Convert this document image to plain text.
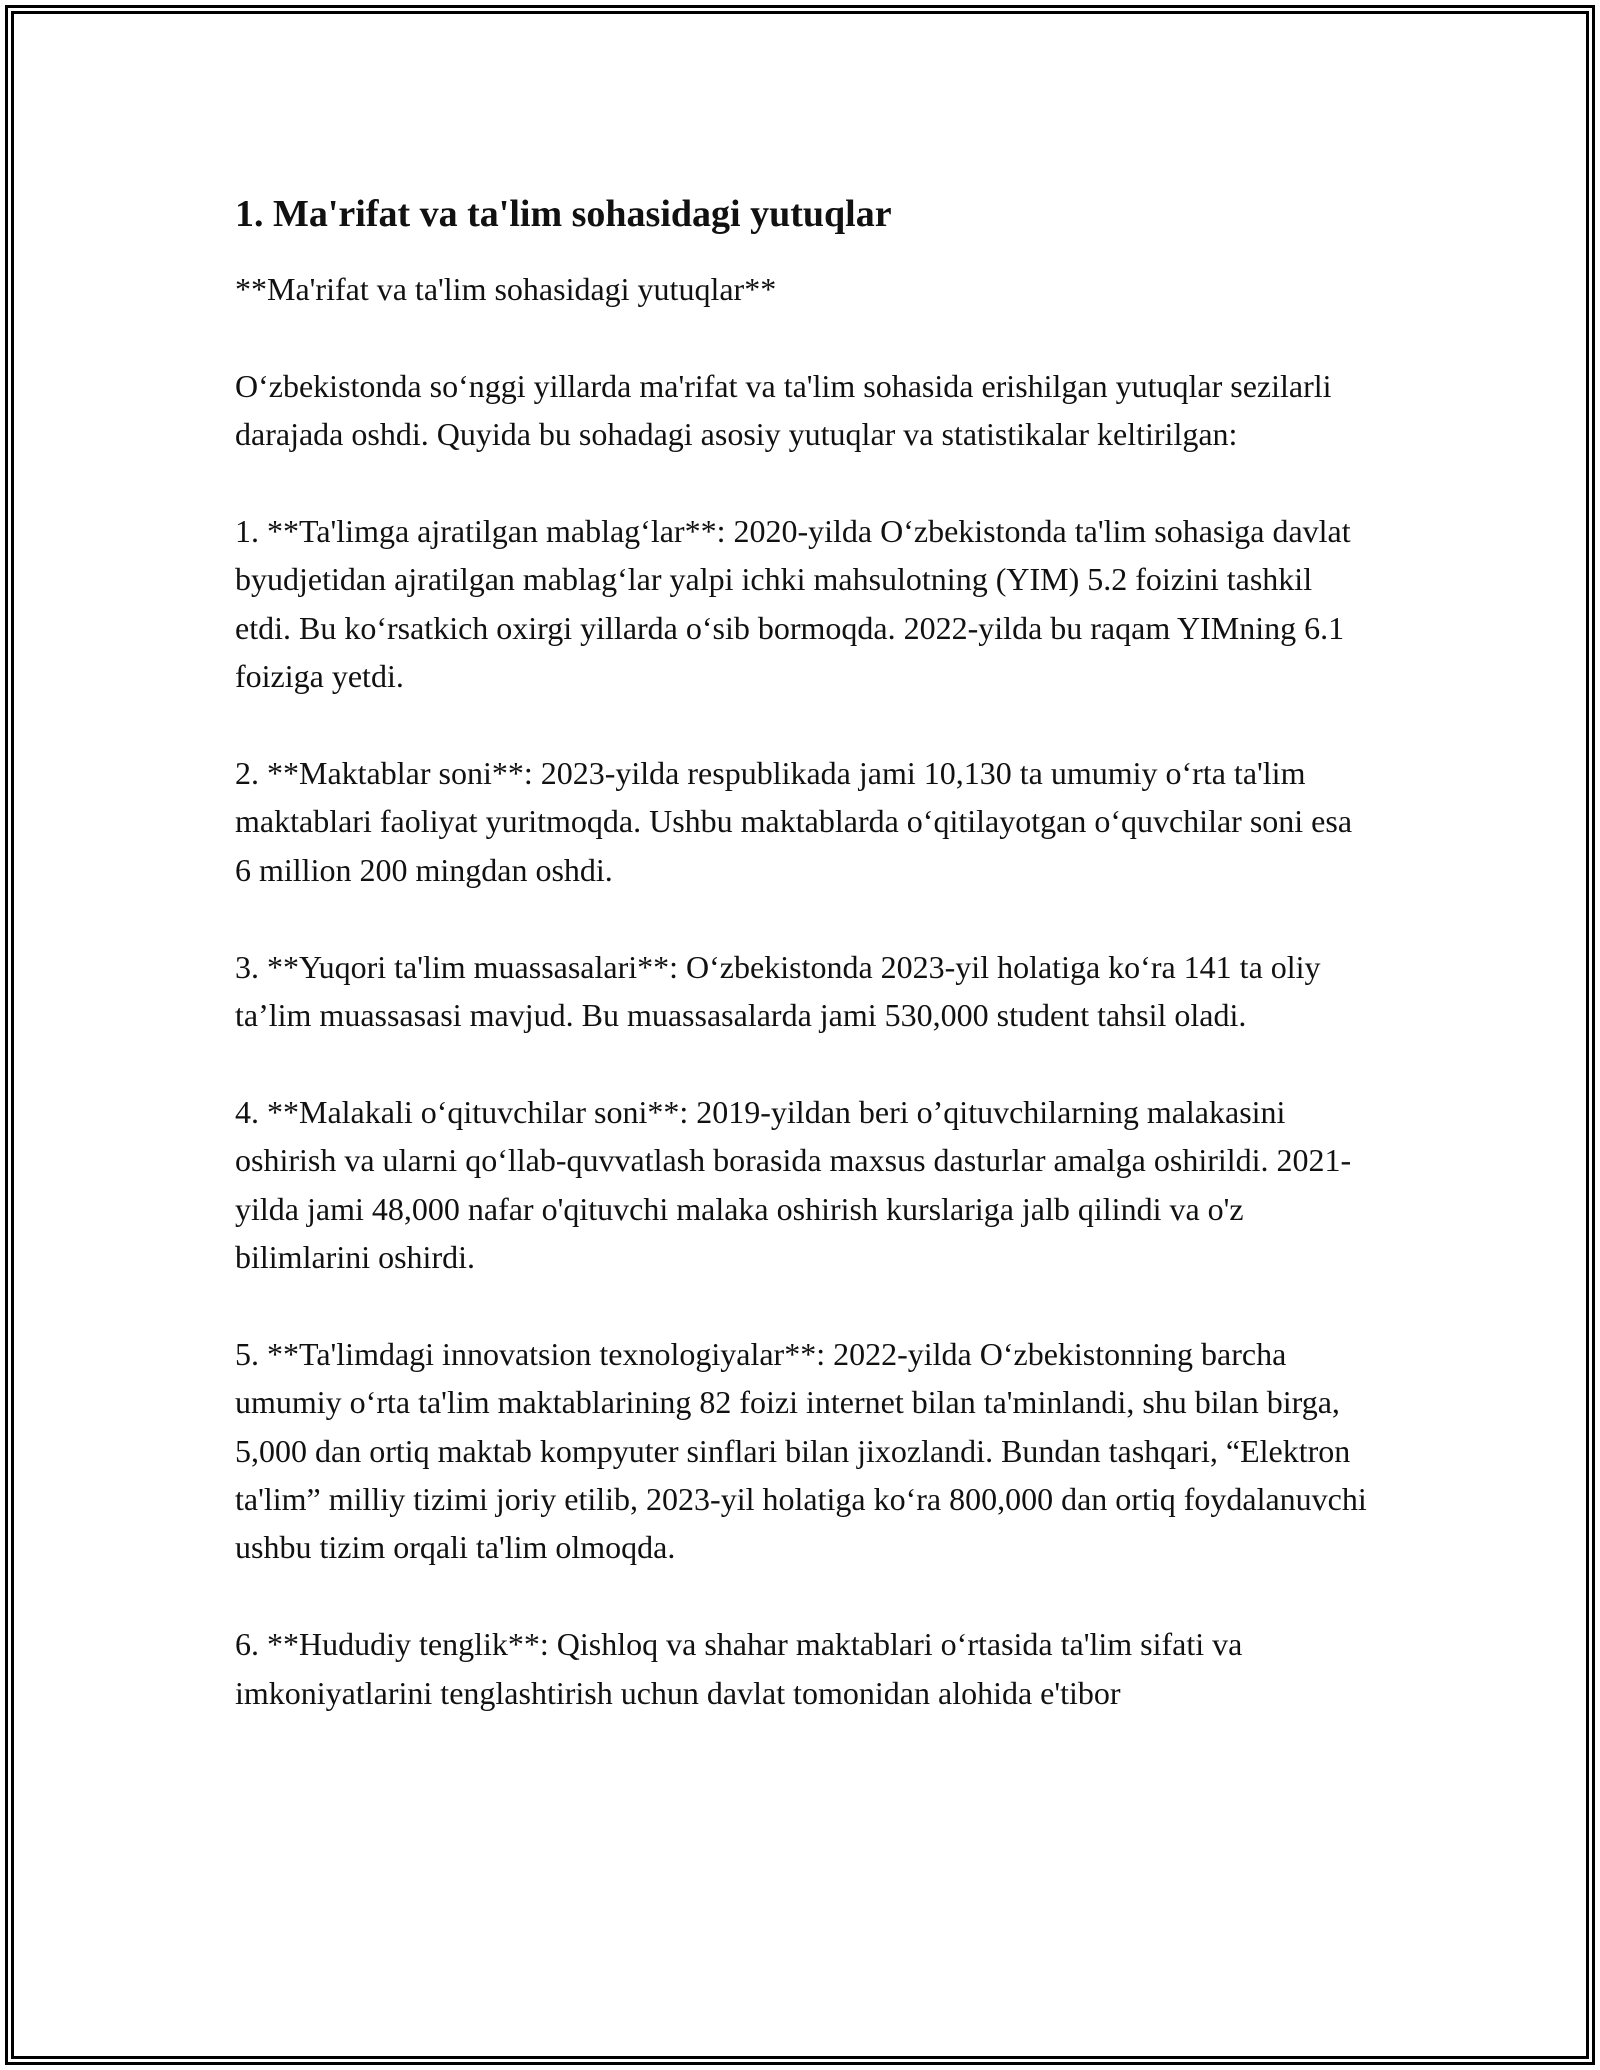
1. Ma'rifat va ta'lim sohasidagi yutuqlar

**Ma'rifat va ta'lim sohasidagi yutuqlar**

O‘zbekistonda so‘nggi yillarda ma'rifat va ta'lim sohasida erishilgan yutuqlar sezilarli darajada oshdi. Quyida bu sohadagi asosiy yutuqlar va statistikalar keltirilgan:

1. **Ta'limga ajratilgan mablag‘lar**: 2020-yilda O‘zbekistonda ta'lim sohasiga davlat byudjetidan ajratilgan mablag‘lar yalpi ichki mahsulotning (YIM) 5.2 foizini tashkil etdi. Bu ko‘rsatkich oxirgi yillarda o‘sib bormoqda. 2022-yilda bu raqam YIMning 6.1 foiziga yetdi.

2. **Maktablar soni**: 2023-yilda respublikada jami 10,130 ta umumiy o‘rta ta'lim maktablari faoliyat yuritmoqda. Ushbu maktablarda o‘qitilayotgan o‘quvchilar soni esa 6 million 200 mingdan oshdi.

3. **Yuqori ta'lim muassasalari**: O‘zbekistonda 2023-yil holatiga ko‘ra 141 ta oliy ta’lim muassasasi mavjud. Bu muassasalarda jami 530,000 student tahsil oladi.

4. **Malakali o‘qituvchilar soni**: 2019-yildan beri o’qituvchilarning malakasini oshirish va ularni qo‘llab-quvvatlash borasida maxsus dasturlar amalga oshirildi. 2021-yilda jami 48,000 nafar o'qituvchi malaka oshirish kurslariga jalb qilindi va o'z bilimlarini oshirdi.

5. **Ta'limdagi innovatsion texnologiyalar**: 2022-yilda O‘zbekistonning barcha umumiy o‘rta ta'lim maktablarining 82 foizi internet bilan ta'minlandi, shu bilan birga, 5,000 dan ortiq maktab kompyuter sinflari bilan jixozlandi. Bundan tashqari, “Elektron ta'lim” milliy tizimi joriy etilib, 2023-yil holatiga ko‘ra 800,000 dan ortiq foydalanuvchi ushbu tizim orqali ta'lim olmoqda.

6. **Hududiy tenglik**: Qishloq va shahar maktablari o‘rtasida ta'lim sifati va imkoniyatlarini tenglashtirish uchun davlat tomonidan alohida e'tibor
